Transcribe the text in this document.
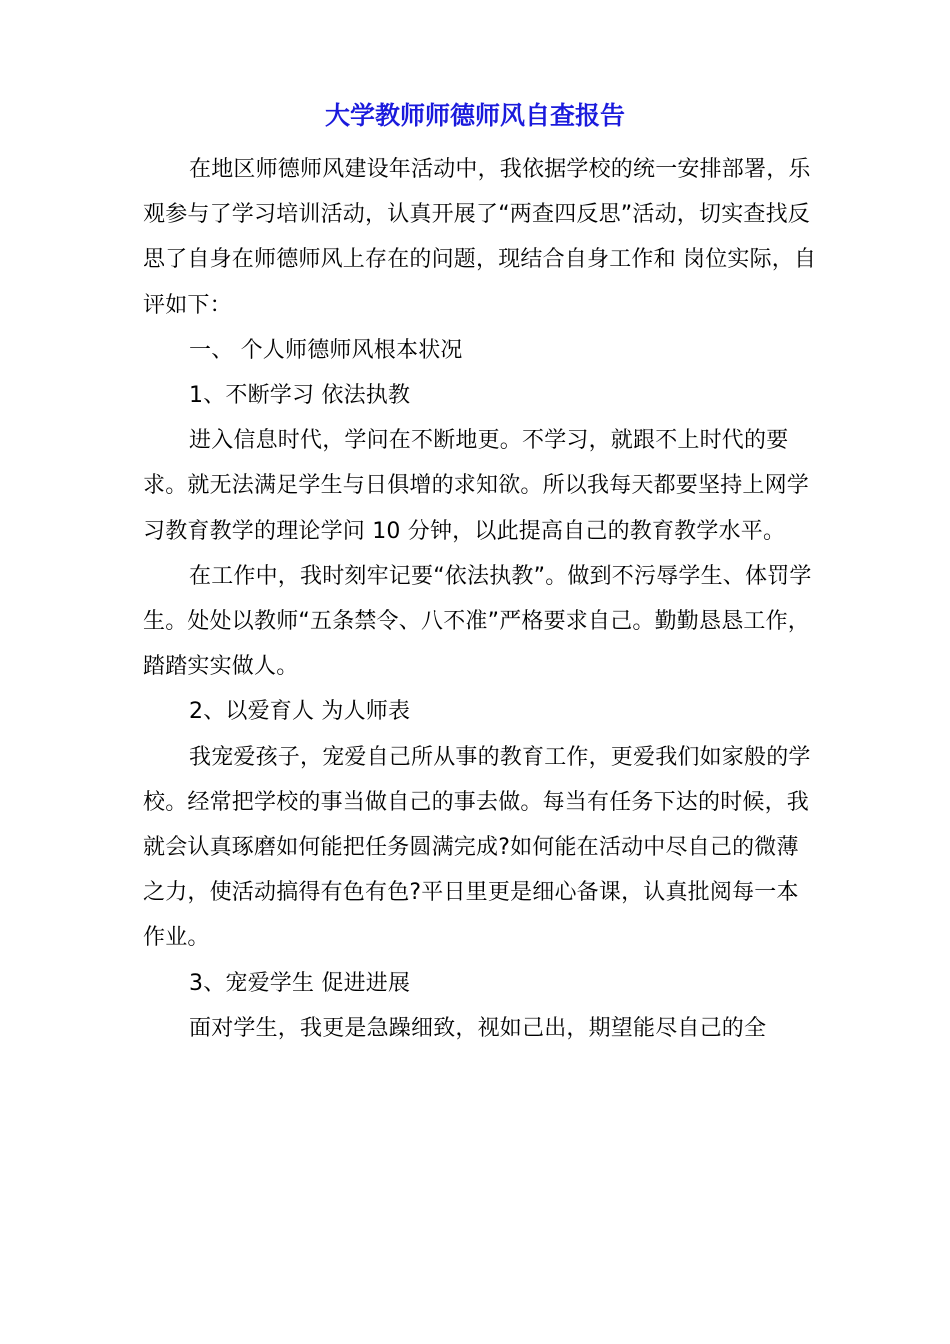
大学教师师德师风自查报告

在地区师德师风建设年活动中，我依据学校的统一安排部署，乐观参与了学习培训活动，认真开展了“两查四反思”活动，切实查找反思了自身在师德师风上存在的问题，现结合自身工作和 岗位实际，自评如下：

一、 个人师德师风根本状况

1、不断学习 依法执教

进入信息时代，学问在不断地更。不学习，就跟不上时代的要求。就无法满足学生与日俱增的求知欲。所以我每天都要坚持上网学习教育教学的理论学问 10 分钟，以此提高自己的教育教学水平。

在工作中，我时刻牢记要“依法执教”。做到不污辱学生、体罚学生。处处以教师“五条禁令、八不准”严格要求自己。勤勤恳恳工作，踏踏实实做人。

2、以爱育人 为人师表

我宠爱孩子，宠爱自己所从事的教育工作，更爱我们如家般的学校。经常把学校的事当做自己的事去做。每当有任务下达的时候，我就会认真琢磨如何能把任务圆满完成?如何能在活动中尽自己的微薄之力，使活动搞得有色有色?平日里更是细心备课，认真批阅每一本作业。

3、宠爱学生 促进进展

面对学生，我更是急躁细致，视如己出，期望能尽自己的全
